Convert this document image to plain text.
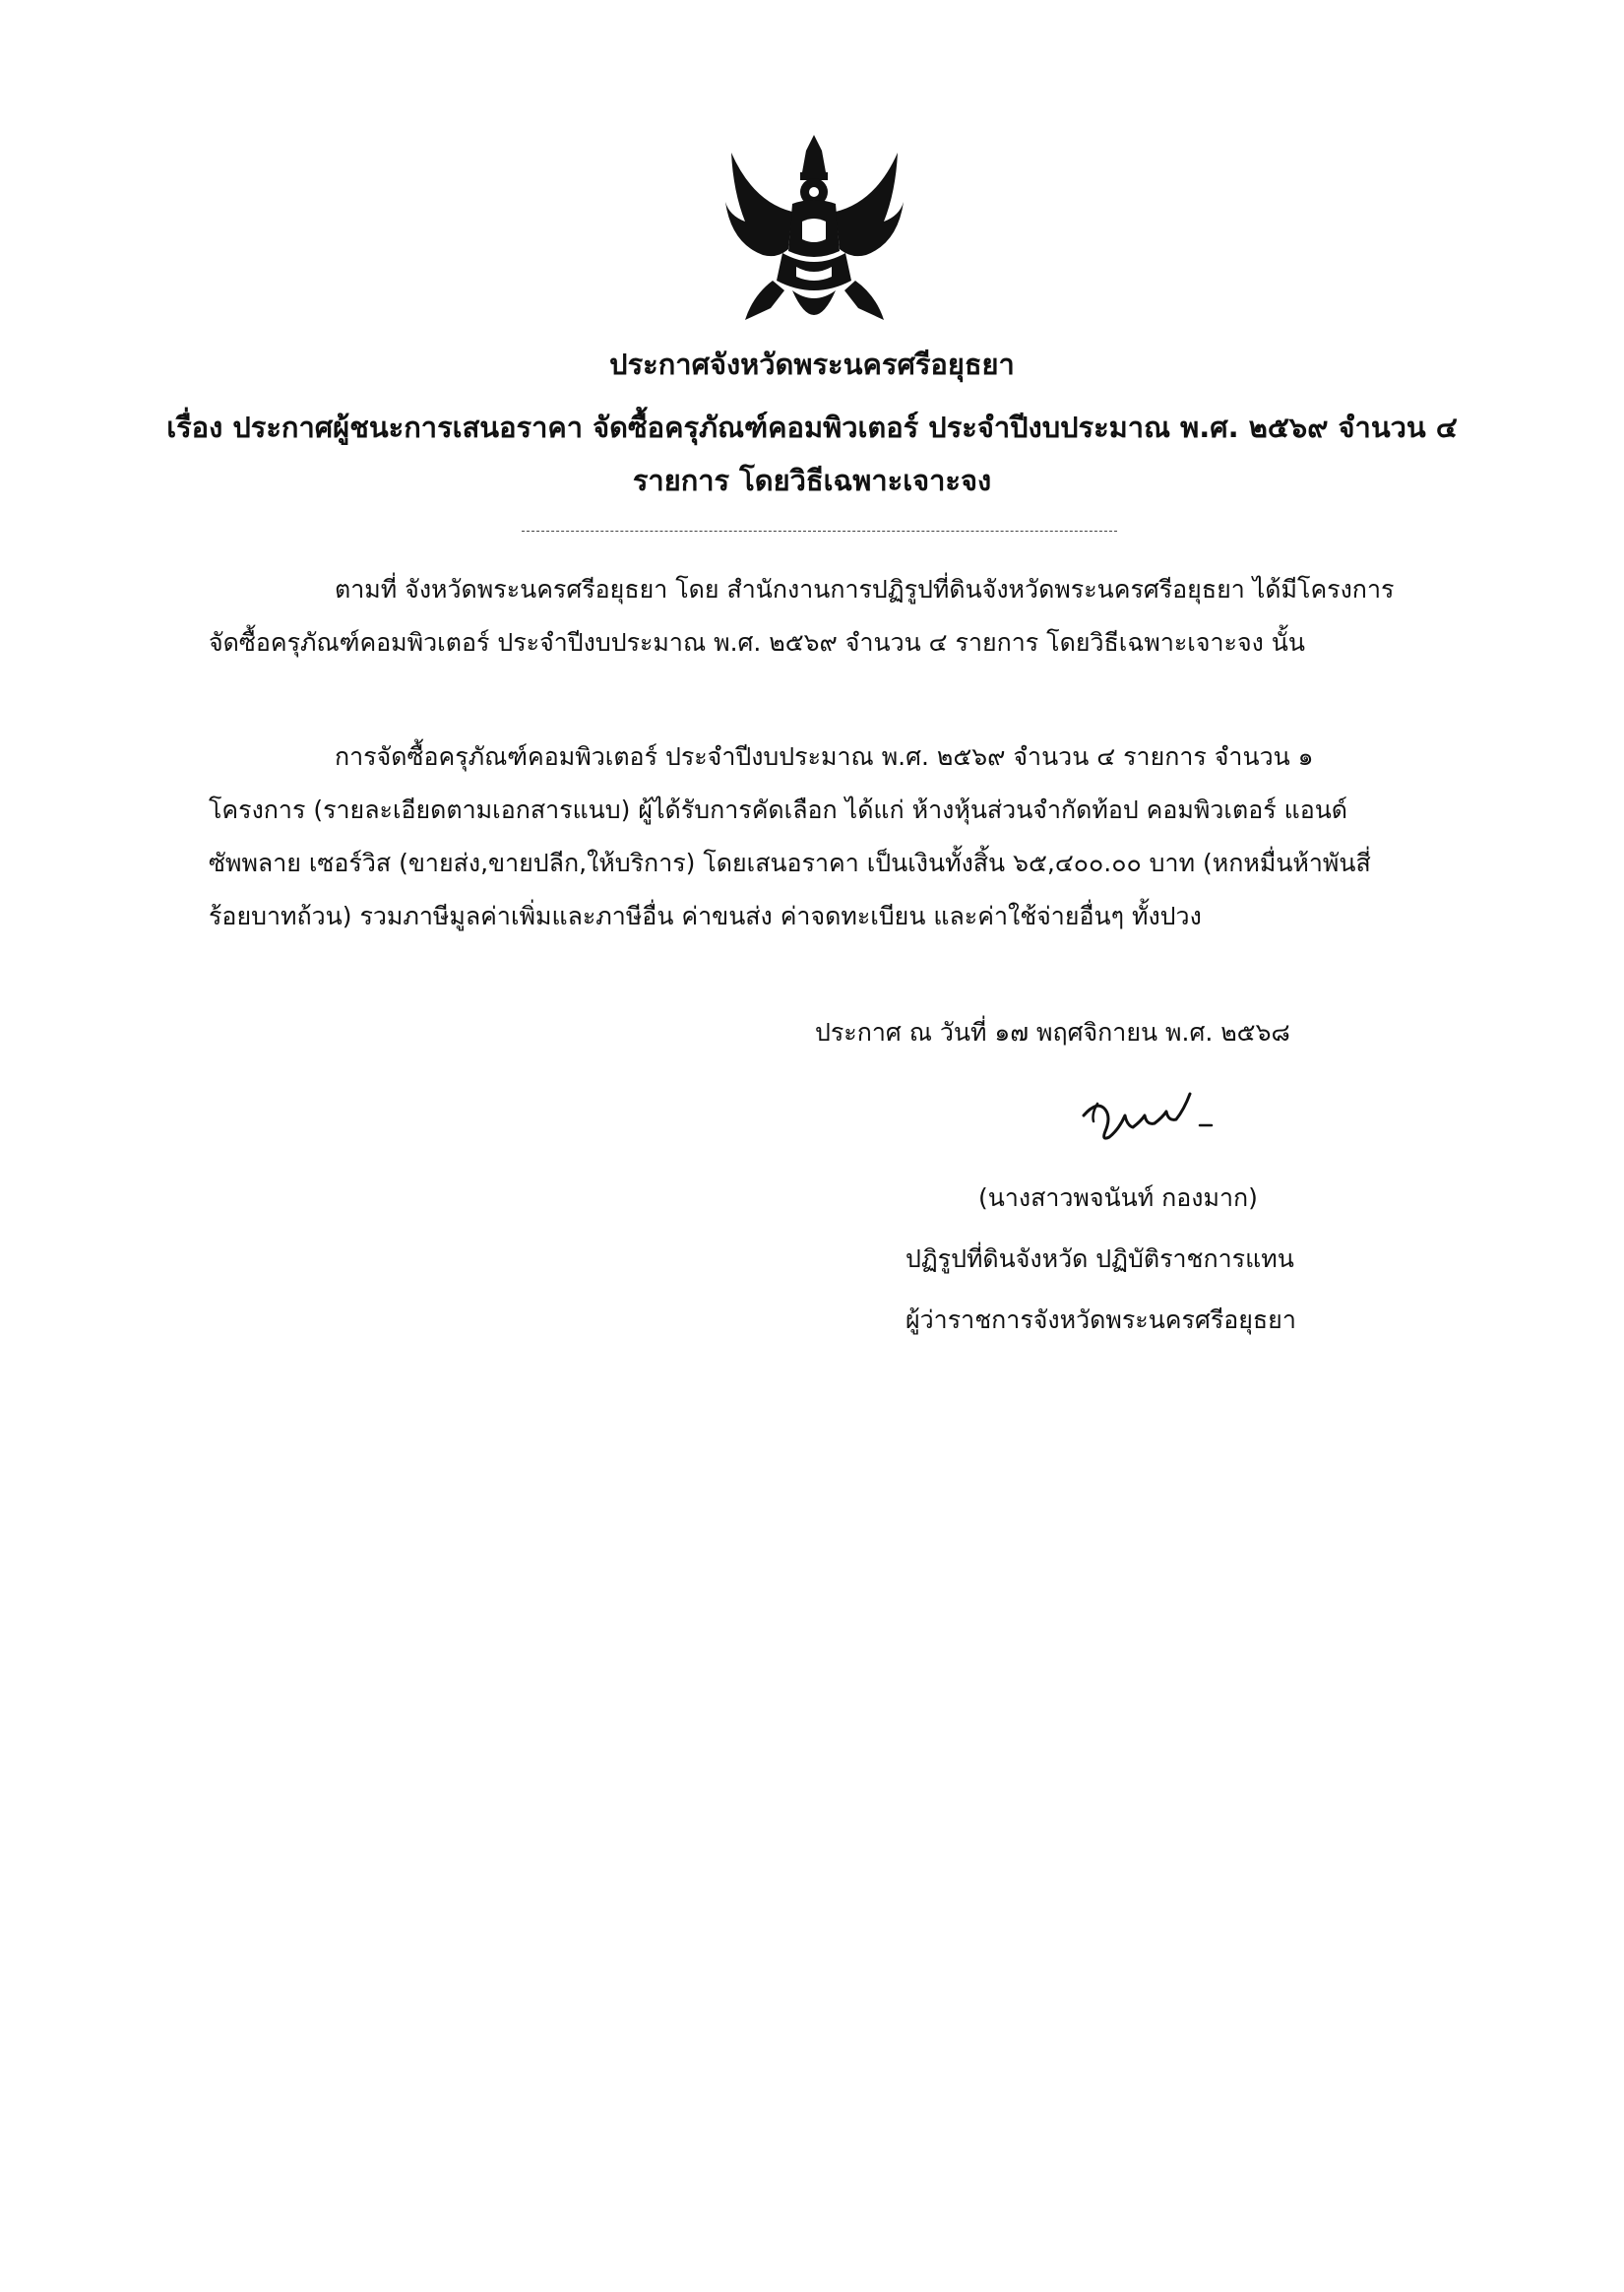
ประกาศจังหวัดพระนครศรีอยุธยา
เรื่อง ประกาศผู้ชนะการเสนอราคา จัดซื้อครุภัณฑ์คอมพิวเตอร์ ประจำปีงบประมาณ พ.ศ. ๒๕๖๙ จำนวน ๔
รายการ โดยวิธีเฉพาะเจาะจง

ตามที่ จังหวัดพระนครศรีอยุธยา โดย สำนักงานการปฏิรูปที่ดินจังหวัดพระนครศรีอยุธยา ได้มีโครงการ

จัดซื้อครุภัณฑ์คอมพิวเตอร์ ประจำปีงบประมาณ พ.ศ. ๒๕๖๙ จำนวน ๔ รายการ โดยวิธีเฉพาะเจาะจง นั้น

การจัดซื้อครุภัณฑ์คอมพิวเตอร์ ประจำปีงบประมาณ พ.ศ. ๒๕๖๙ จำนวน ๔ รายการ จำนวน ๑

โครงการ (รายละเอียดตามเอกสารแนบ) ผู้ได้รับการคัดเลือก ได้แก่ ห้างหุ้นส่วนจำกัดท้อป คอมพิวเตอร์ แอนด์

ซัพพลาย เซอร์วิส (ขายส่ง,ขายปลีก,ให้บริการ) โดยเสนอราคา เป็นเงินทั้งสิ้น ๖๕,๔๐๐.๐๐ บาท (หกหมื่นห้าพันสี่

ร้อยบาทถ้วน) รวมภาษีมูลค่าเพิ่มและภาษีอื่น ค่าขนส่ง ค่าจดทะเบียน และค่าใช้จ่ายอื่นๆ ทั้งปวง

ประกาศ ณ วันที่ ๑๗ พฤศจิกายน พ.ศ. ๒๕๖๘
(นางสาวพจนันท์ กองมาก)
ปฏิรูปที่ดินจังหวัด ปฏิบัติราชการแทน
ผู้ว่าราชการจังหวัดพระนครศรีอยุธยา
